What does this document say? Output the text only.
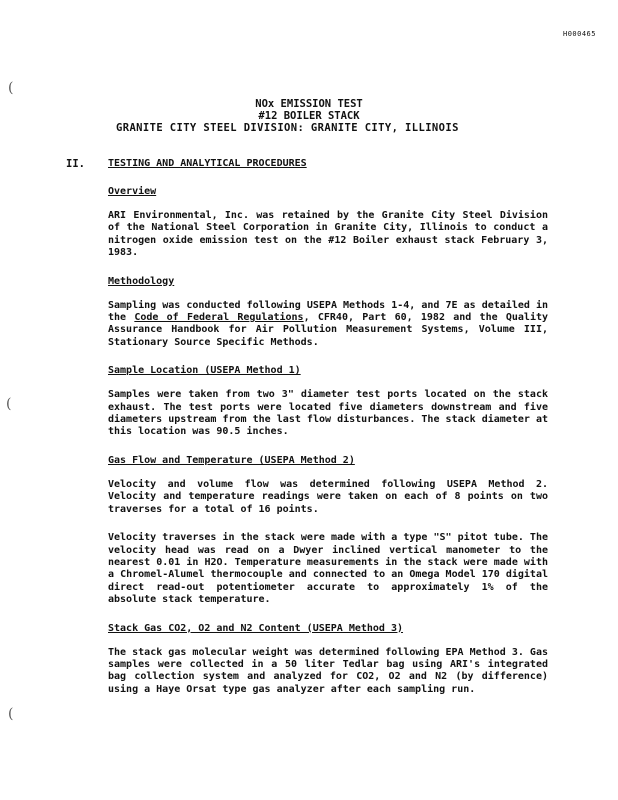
H000465
(
(
(
NOx EMISSION TEST
#12 BOILER STACK
GRANITE CITY STEEL DIVISION: GRANITE CITY, ILLINOIS
II. TESTING AND ANALYTICAL PROCEDURES

Overview

ARI Environmental, Inc. was retained by the Granite City Steel Division of the National Steel Corporation in Granite City, Illinois to conduct a nitrogen oxide emission test on the #12 Boiler exhaust stack February 3, 1983.

Methodology

Sampling was conducted following USEPA Methods 1-4, and 7E as detailed in the Code of Federal Regulations, CFR40, Part 60, 1982 and the Quality Assurance Handbook for Air Pollution Measurement Systems, Volume III, Stationary Source Specific Methods.

Sample Location (USEPA Method 1)

Samples were taken from two 3" diameter test ports located on the stack exhaust. The test ports were located five diameters downstream and five diameters upstream from the last flow disturbances. The stack diameter at this location was 90.5 inches.

Gas Flow and Temperature (USEPA Method 2)

Velocity and volume flow was determined following USEPA Method 2. Velocity and temperature readings were taken on each of 8 points on two traverses for a total of 16 points.

Velocity traverses in the stack were made with a type "S" pitot tube. The velocity head was read on a Dwyer inclined vertical manometer to the nearest 0.01 in H2O. Temperature measurements in the stack were made with a Chromel-Alumel thermocouple and connected to an Omega Model 170 digital direct read-out potentiometer accurate to approximately 1% of the absolute stack temperature.

Stack Gas CO2, O2 and N2 Content (USEPA Method 3)

The stack gas molecular weight was determined following EPA Method 3. Gas samples were collected in a 50 liter Tedlar bag using ARI's integrated bag collection system and analyzed for CO2, O2 and N2 (by difference) using a Haye Orsat type gas analyzer after each sampling run.
